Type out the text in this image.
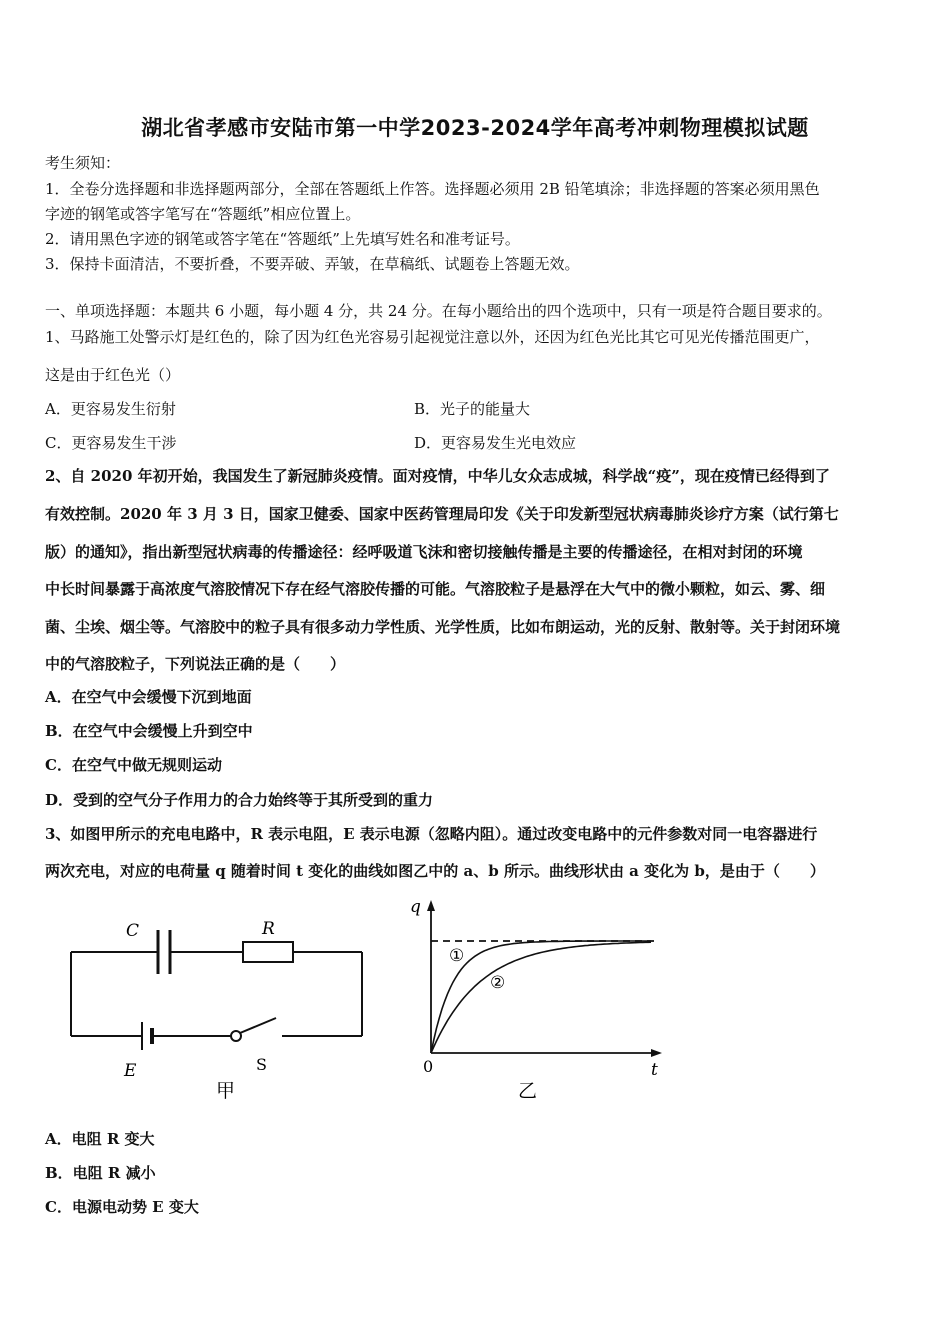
湖北省孝感市安陆市第一中学2023-2024学年高考冲刺物理模拟试题
考生须知：
1．全卷分选择题和非选择题两部分，全部在答题纸上作答。选择题必须用 2B 铅笔填涂；非选择题的答案必须用黑色
字迹的钢笔或答字笔写在“答题纸”相应位置上。
2．请用黑色字迹的钢笔或答字笔在“答题纸”上先填写姓名和准考证号。
3．保持卡面清洁，不要折叠，不要弄破、弄皱，在草稿纸、试题卷上答题无效。
一、单项选择题：本题共 6 小题，每小题 4 分，共 24 分。在每小题给出的四个选项中，只有一项是符合题目要求的。
1、马路施工处警示灯是红色的，除了因为红色光容易引起视觉注意以外，还因为红色光比其它可见光传播范围更广，
这是由于红色光（）
A．更容易发生衍射	B．光子的能量大
C．更容易发生干涉	D．更容易发生光电效应
2、自 2020 年初开始，我国发生了新冠肺炎疫情。面对疫情，中华儿女众志成城，科学战“疫”，现在疫情已经得到了
有效控制。2020 年 3 月 3 日，国家卫健委、国家中医药管理局印发《关于印发新型冠状病毒肺炎诊疗方案（试行第七
版）的通知》，指出新型冠状病毒的传播途径：经呼吸道飞沫和密切接触传播是主要的传播途径，在相对封闭的环境
中长时间暴露于高浓度气溶胶情况下存在经气溶胶传播的可能。气溶胶粒子是悬浮在大气中的微小颗粒，如云、雾、细
菌、尘埃、烟尘等。气溶胶中的粒子具有很多动力学性质、光学性质，比如布朗运动，光的反射、散射等。关于封闭环境
中的气溶胶粒子，下列说法正确的是（　　）
A．在空气中会缓慢下沉到地面
B．在空气中会缓慢上升到空中
C．在空气中做无规则运动
D．受到的空气分子作用力的合力始终等于其所受到的重力
3、如图甲所示的充电电路中，R 表示电阻，E 表示电源（忽略内阻）。通过改变电路中的元件参数对同一电容器进行
两次充电，对应的电荷量 q 随着时间 t 变化的曲线如图乙中的 a、b 所示。曲线形状由 a 变化为 b，是由于（　　）
C	R
E	S
甲
q
t
0
①
②
乙
A．电阻 R 变大
B．电阻 R 减小
C．电源电动势 E 变大
